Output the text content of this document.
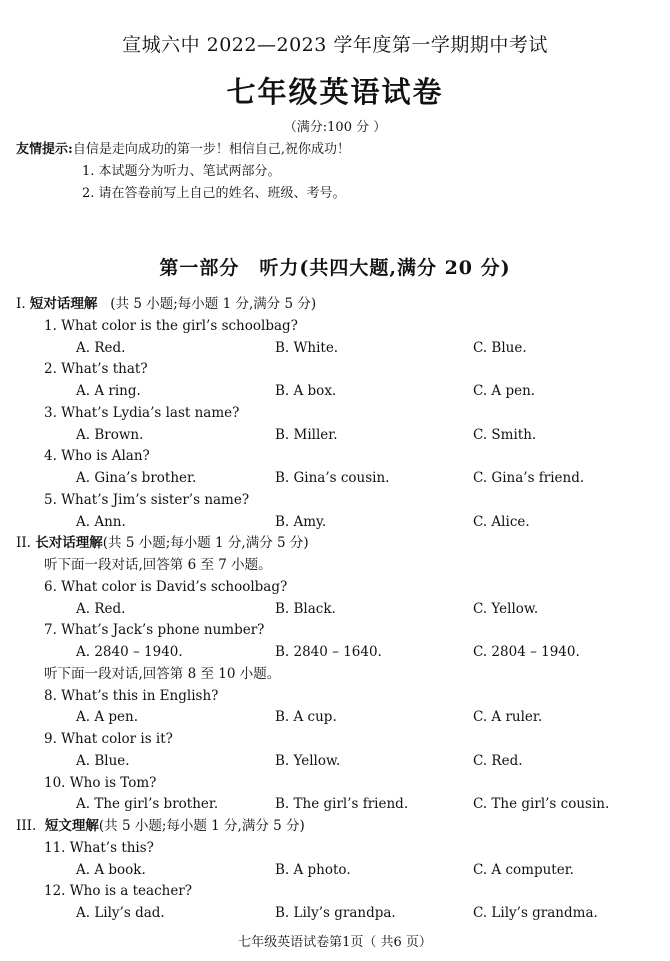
宣城六中 2022—2023 学年度第一学期期中考试
七年级英语试卷
（满分:100 分 ）
友情提示:自信是走向成功的第一步！相信自己,祝你成功！
1. 本试题分为听力、笔试两部分。
2. 请在答卷前写上自己的姓名、班级、考号。
第一部分　听力(共四大题,满分 20 分)
I. 短对话理解 (共 5 小题;每小题 1 分,满分 5 分)
1. What color is the girl’s schoolbag?
A. Red.	B. White.	C. Blue.
2. What’s that?
A. A ring.	B. A box.	C. A pen.
3. What’s Lydia’s last name?
A. Brown.	B. Miller.	C. Smith.
4. Who is Alan?
A. Gina’s brother.	B. Gina’s cousin.	C. Gina’s friend.
5. What’s Jim’s sister’s name?
A. Ann.	B. Amy.	C. Alice.
II. 长对话理解(共 5 小题;每小题 1 分,满分 5 分)
听下面一段对话,回答第 6 至 7 小题。
6. What color is David’s schoolbag?
A. Red.	B. Black.	C. Yellow.
7. What’s Jack’s phone number?
A. 2840 – 1940.	B. 2840 – 1640.	C. 2804 – 1940.
听下面一段对话,回答第 8 至 10 小题。
8. What’s this in English?
A. A pen.	B. A cup.	C. A ruler.
9. What color is it?
A. Blue.	B. Yellow.	C. Red.
10. Who is Tom?
A. The girl’s brother.	B. The girl’s friend.	C. The girl’s cousin.
III. 短文理解(共 5 小题;每小题 1 分,满分 5 分)
11. What’s this?
A. A book.	B. A photo.	C. A computer.
12. Who is a teacher?
A. Lily’s dad.	B. Lily’s grandpa.	C. Lily’s grandma.
七年级英语试卷第1页（ 共6 页）
